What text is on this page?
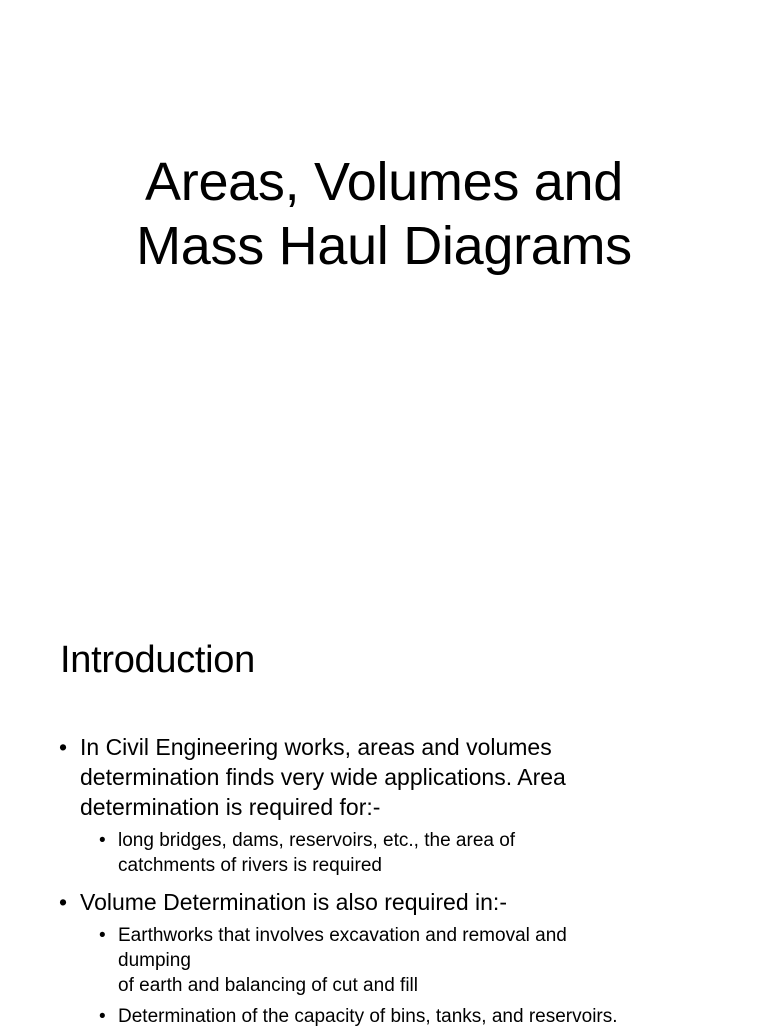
Areas, Volumes and
Mass Haul Diagrams
Introduction
• In Civil Engineering works, areas and volumes
determination finds very wide applications. Area
determination is required for:-
• long bridges, dams, reservoirs, etc., the area of
catchments of rivers is required
• Volume Determination is also required in:-
• Earthworks that involves excavation and removal and
dumping
of earth and balancing of cut and fill
• Determination of the capacity of bins, tanks, and reservoirs.
